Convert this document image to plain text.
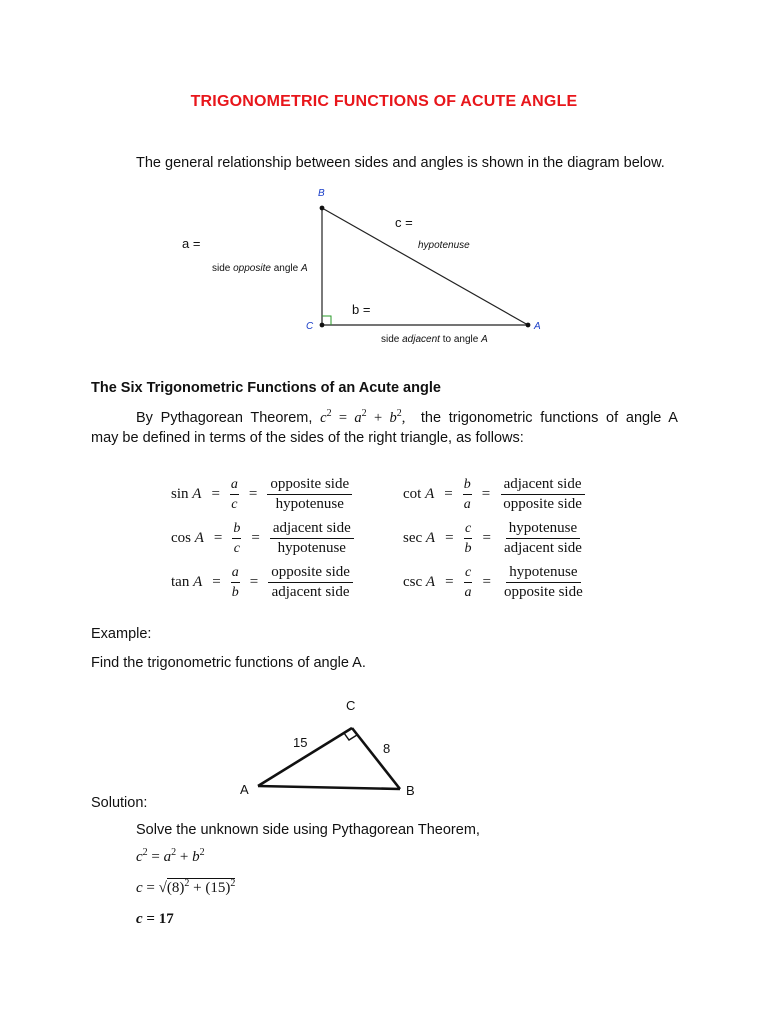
TRIGONOMETRIC FUNCTIONS OF ACUTE ANGLE
The general relationship between sides and angles is shown in the diagram below.
B
C	A
a =
side opposite angle A
c =
hypotenuse
b =
side adjacent to angle A
The Six Trigonometric Functions of an Acute angle
By Pythagorean Theorem, $c^2 = a^2 + b^2$, the trigonometric functions of angle A
may be defined in terms of the sides of the right triangle, as follows:
$\sin A = \frac{a}{c} = \frac{\text{opposite side}}{\text{hypotenuse}}$	$\cot A = \frac{b}{a} = \frac{\text{adjacent side}}{\text{opposite side}}$
$\cos A = \frac{b}{c} = \frac{\text{adjacent side}}{\text{hypotenuse}}$	$\sec A = \frac{c}{b} = \frac{\text{hypotenuse}}{\text{adjacent side}}$
$\tan A = \frac{a}{b} = \frac{\text{opposite side}}{\text{adjacent side}}$	$\csc A = \frac{c}{a} = \frac{\text{hypotenuse}}{\text{opposite side}}$
Example:
Find the trigonometric functions of angle A.
C
A	B
15	8
Solution:
Solve the unknown side using Pythagorean Theorem,
$c^2 = a^2 + b^2$
$c = √(8)^2 + (15)^2$
c = 17
